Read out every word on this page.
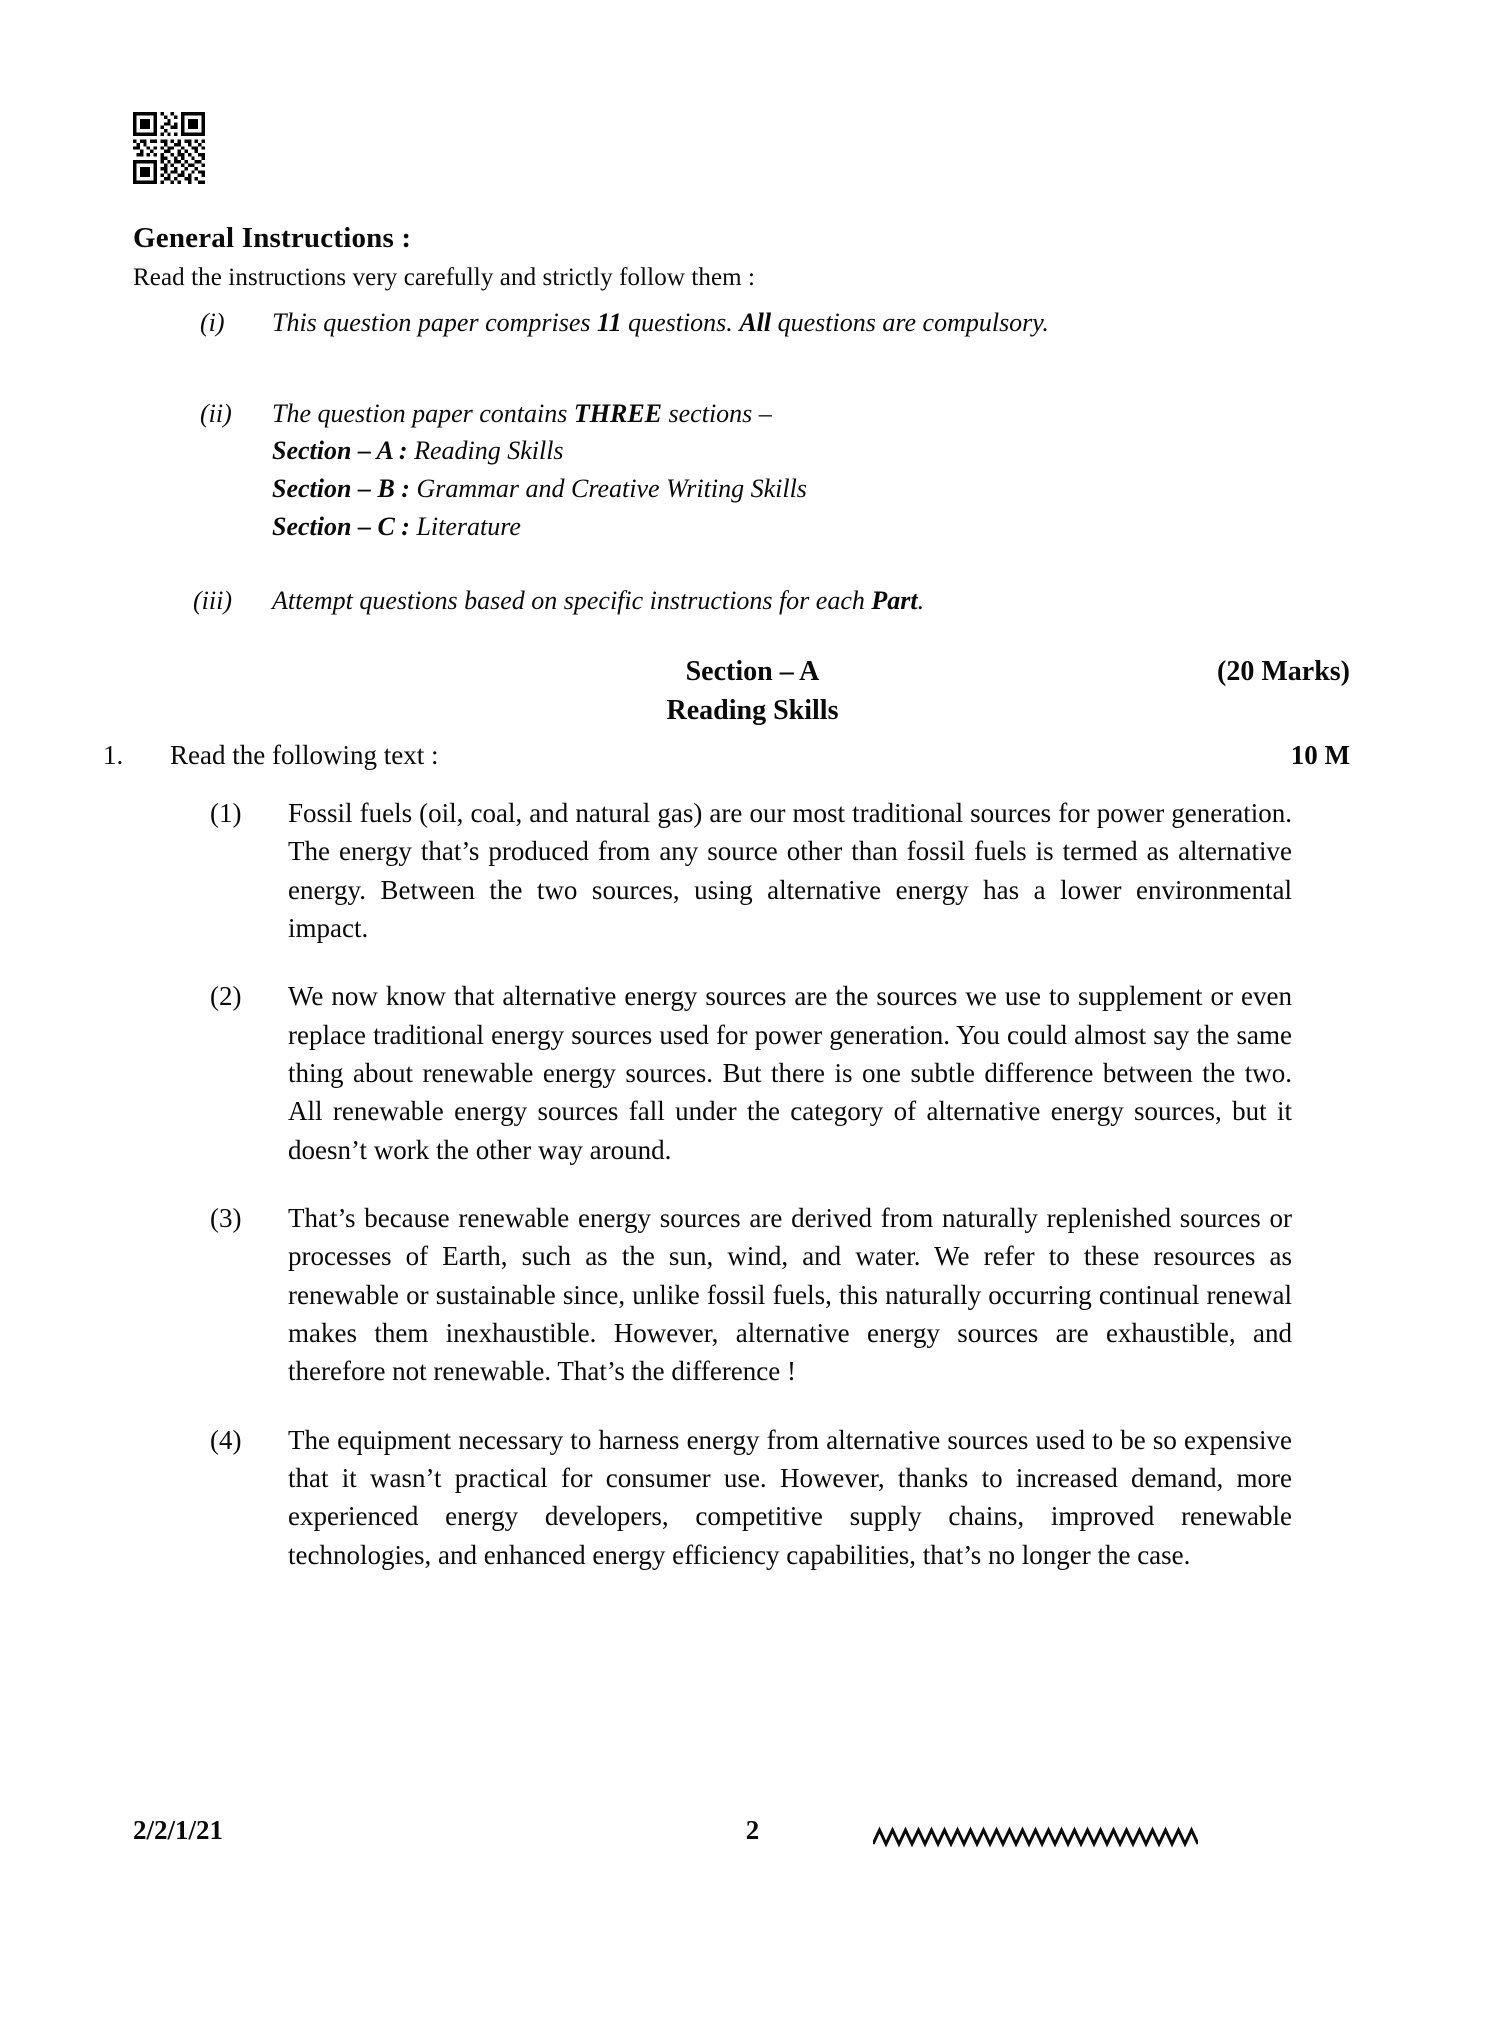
General Instructions :
Read the instructions very carefully and strictly follow them :
(i)	This question paper comprises 11 questions. All questions are compulsory.
(ii)	The question paper contains THREE sections –
Section – A : Reading Skills
Section – B : Grammar and Creative Writing Skills
Section – C : Literature
(iii)	Attempt questions based on specific instructions for each Part.
Section – A
Reading Skills
(20 Marks)
1. Read the following text :	10 M
(1)	Fossil fuels (oil, coal, and natural gas) are our most traditional sources for power generation. The energy that’s produced from any source other than fossil fuels is termed as alternative energy. Between the two sources, using alternative energy has a lower environmental impact.
(2)	We now know that alternative energy sources are the sources we use to supplement or even replace traditional energy sources used for power generation. You could almost say the same thing about renewable energy sources. But there is one subtle difference between the two. All renewable energy sources fall under the category of alternative energy sources, but it doesn’t work the other way around.
(3)	That’s because renewable energy sources are derived from naturally replenished sources or processes of Earth, such as the sun, wind, and water. We refer to these resources as renewable or sustainable since, unlike fossil fuels, this naturally occurring continual renewal makes them inexhaustible. However, alternative energy sources are exhaustible, and therefore not renewable. That’s the difference !
(4)	The equipment necessary to harness energy from alternative sources used to be so expensive that it wasn’t practical for consumer use. However, thanks to increased demand, more experienced energy developers, competitive supply chains, improved renewable technologies, and enhanced energy efficiency capabilities, that’s no longer the case.
2/2/1/21	2
